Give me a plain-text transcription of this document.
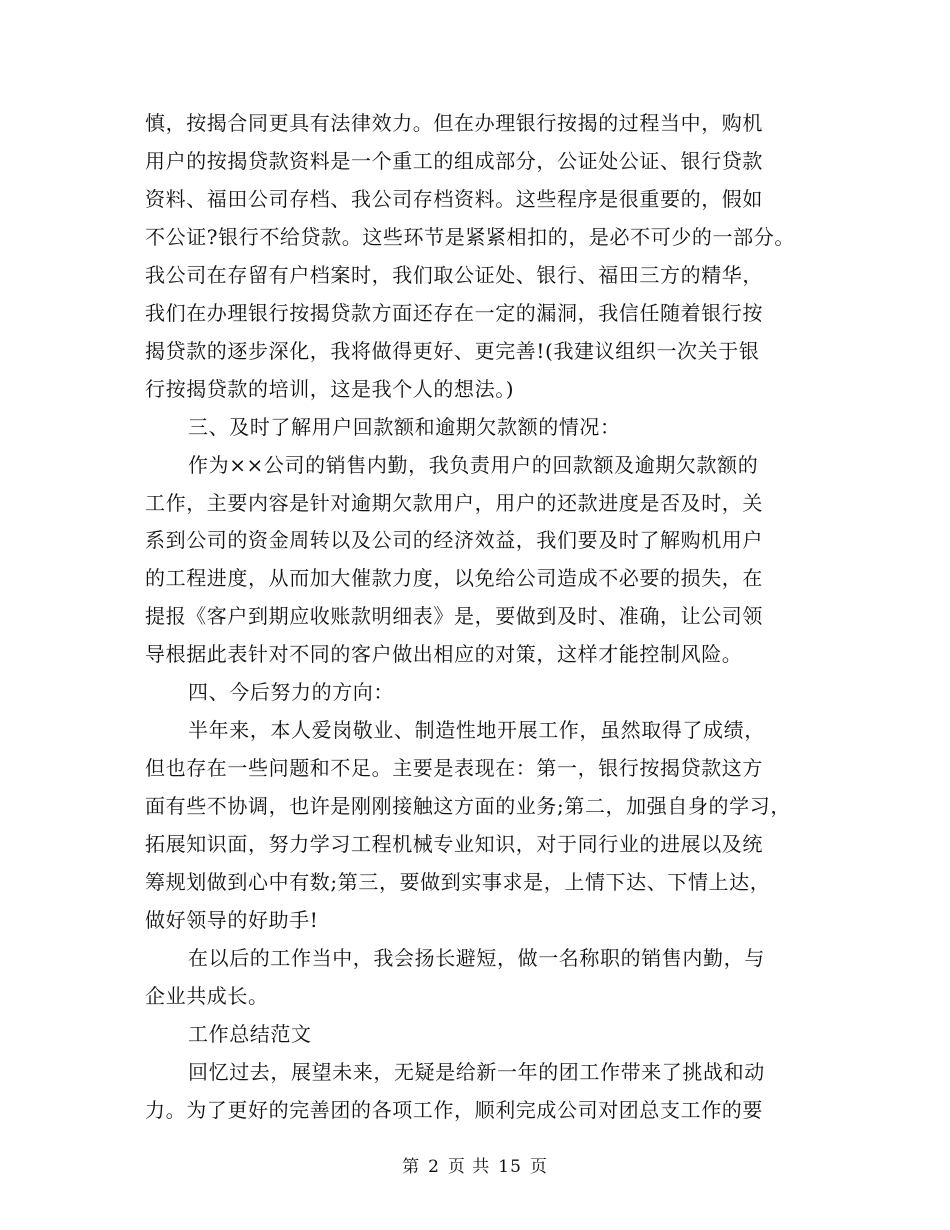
慎，按揭合同更具有法律效力。但在办理银行按揭的过程当中，购机
用户的按揭贷款资料是一个重工的组成部分，公证处公证、银行贷款
资料、福田公司存档、我公司存档资料。这些程序是很重要的，假如
不公证?银行不给贷款。这些环节是紧紧相扣的，是必不可少的一部分。
我公司在存留有户档案时，我们取公证处、银行、福田三方的精华，
我们在办理银行按揭贷款方面还存在一定的漏洞，我信任随着银行按
揭贷款的逐步深化，我将做得更好、更完善!(我建议组织一次关于银
行按揭贷款的培训，这是我个人的想法。)
三、及时了解用户回款额和逾期欠款额的情况：
作为××公司的销售内勤，我负责用户的回款额及逾期欠款额的
工作，主要内容是针对逾期欠款用户，用户的还款进度是否及时，关
系到公司的资金周转以及公司的经济效益，我们要及时了解购机用户
的工程进度，从而加大催款力度，以免给公司造成不必要的损失，在
提报《客户到期应收账款明细表》是，要做到及时、准确，让公司领
导根据此表针对不同的客户做出相应的对策，这样才能控制风险。
四、今后努力的方向：
半年来，本人爱岗敬业、制造性地开展工作，虽然取得了成绩，
但也存在一些问题和不足。主要是表现在：第一，银行按揭贷款这方
面有些不协调，也许是刚刚接触这方面的业务;第二，加强自身的学习，
拓展知识面，努力学习工程机械专业知识，对于同行业的进展以及统
筹规划做到心中有数;第三，要做到实事求是，上情下达、下情上达，
做好领导的好助手!
在以后的工作当中，我会扬长避短，做一名称职的销售内勤，与
企业共成长。
工作总结范文
回忆过去，展望未来，无疑是给新一年的团工作带来了挑战和动
力。为了更好的完善团的各项工作，顺利完成公司对团总支工作的要
第 2 页 共 15 页
